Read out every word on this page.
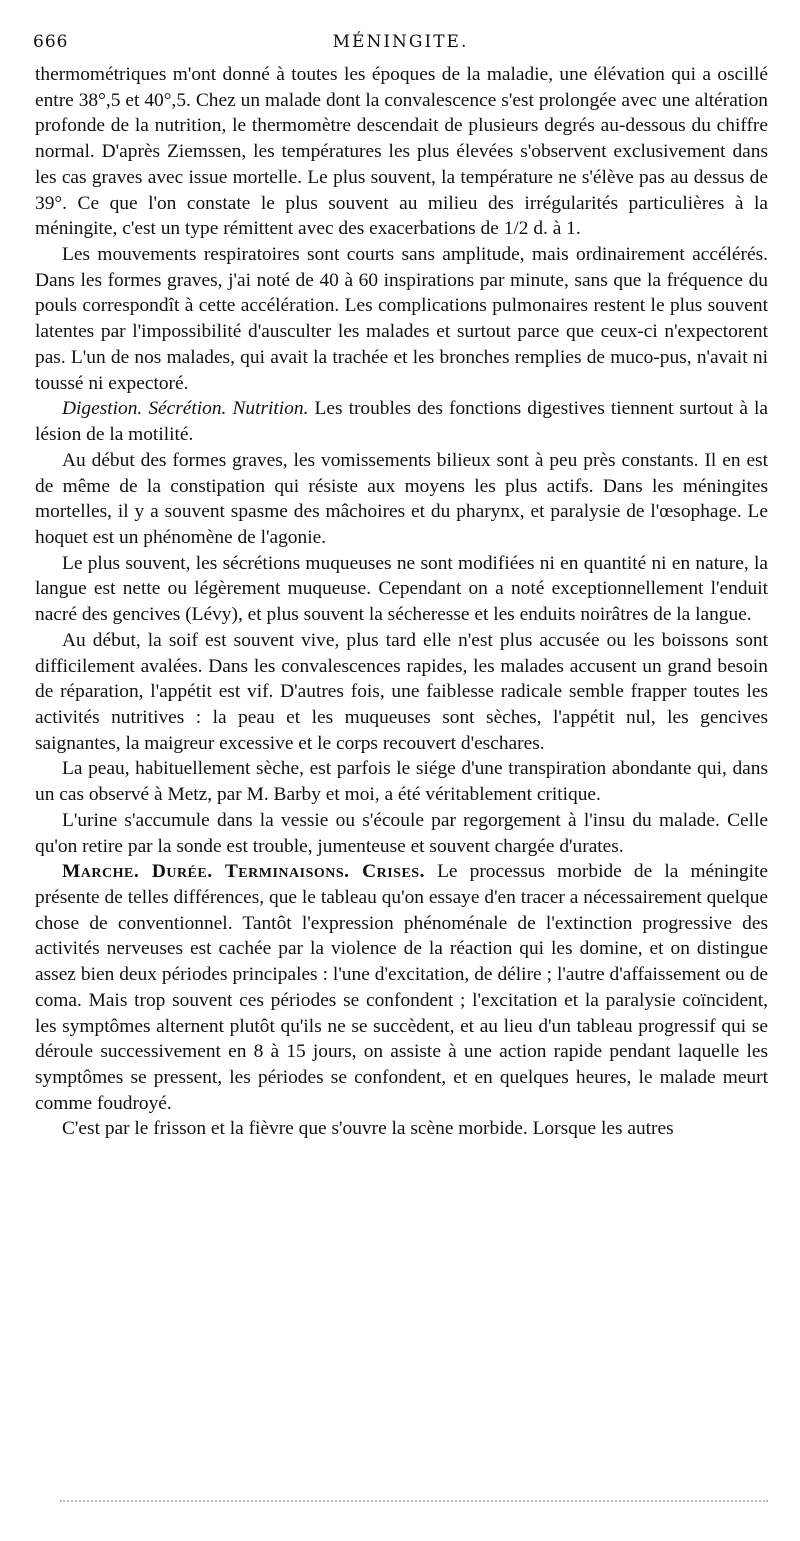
666	MÉNINGITE.

thermométriques m'ont donné à toutes les époques de la maladie, une élévation qui a oscillé entre 38°,5 et 40°,5. Chez un malade dont la convalescence s'est prolongée avec une altération profonde de la nutrition, le thermomètre descendait de plusieurs degrés au-dessous du chiffre normal. D'après Ziemssen, les températures les plus élevées s'observent exclusivement dans les cas graves avec issue mortelle. Le plus souvent, la température ne s'élève pas au dessus de 39°. Ce que l'on constate le plus souvent au milieu des irrégularités particulières à la méningite, c'est un type rémittent avec des exacerbations de 1/2 d. à 1.

Les mouvements respiratoires sont courts sans amplitude, mais ordinairement accélérés. Dans les formes graves, j'ai noté de 40 à 60 inspirations par minute, sans que la fréquence du pouls correspondît à cette accélération. Les complications pulmonaires restent le plus souvent latentes par l'impossibilité d'ausculter les malades et surtout parce que ceux-ci n'expectorent pas. L'un de nos malades, qui avait la trachée et les bronches remplies de muco-pus, n'avait ni toussé ni expectoré.

Digestion. Sécrétion. Nutrition. Les troubles des fonctions digestives tiennent surtout à la lésion de la motilité.

Au début des formes graves, les vomissements bilieux sont à peu près constants. Il en est de même de la constipation qui résiste aux moyens les plus actifs. Dans les méningites mortelles, il y a souvent spasme des mâchoires et du pharynx, et paralysie de l'œsophage. Le hoquet est un phénomène de l'agonie.

Le plus souvent, les sécrétions muqueuses ne sont modifiées ni en quantité ni en nature, la langue est nette ou légèrement muqueuse. Cependant on a noté exceptionnellement l'enduit nacré des gencives (Lévy), et plus souvent la sécheresse et les enduits noirâtres de la langue.

Au début, la soif est souvent vive, plus tard elle n'est plus accusée ou les boissons sont difficilement avalées. Dans les convalescences rapides, les malades accusent un grand besoin de réparation, l'appétit est vif. D'autres fois, une faiblesse radicale semble frapper toutes les activités nutritives : la peau et les muqueuses sont sèches, l'appétit nul, les gencives saignantes, la maigreur excessive et le corps recouvert d'eschares.

La peau, habituellement sèche, est parfois le siége d'une transpiration abondante qui, dans un cas observé à Metz, par M. Barby et moi, a été véritablement critique.

L'urine s'accumule dans la vessie ou s'écoule par regorgement à l'insu du malade. Celle qu'on retire par la sonde est trouble, jumenteuse et souvent chargée d'urates.

Marche. Durée. Terminaisons. Crises. Le processus morbide de la méningite présente de telles différences, que le tableau qu'on essaye d'en tracer a nécessairement quelque chose de conventionnel. Tantôt l'expression phénoménale de l'extinction progressive des activités nerveuses est cachée par la violence de la réaction qui les domine, et on distingue assez bien deux périodes principales : l'une d'excitation, de délire ; l'autre d'affaissement ou de coma. Mais trop souvent ces périodes se confondent ; l'excitation et la paralysie coïncident, les symptômes alternent plutôt qu'ils ne se succèdent, et au lieu d'un tableau progressif qui se déroule successivement en 8 à 15 jours, on assiste à une action rapide pendant laquelle les symptômes se pressent, les périodes se confondent, et en quelques heures, le malade meurt comme foudroyé.

C'est par le frisson et la fièvre que s'ouvre la scène morbide. Lorsque les autres
